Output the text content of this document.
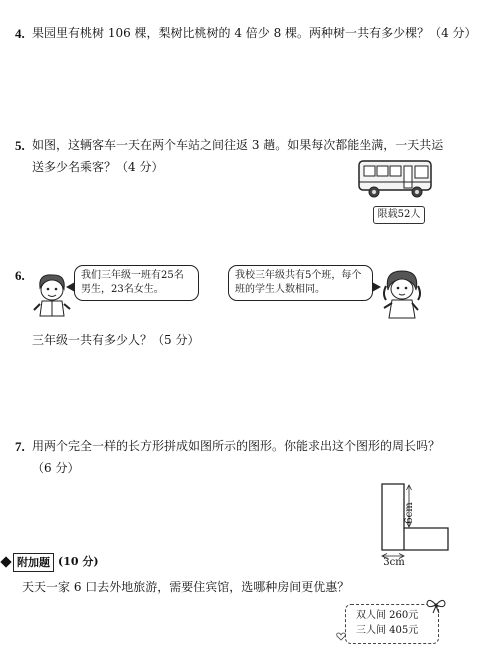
4. 果园里有桃树 106 棵，梨树比桃树的 4 倍少 8 棵。两种树一共有多少棵？（4 分）
5. 如图，这辆客车一天在两个车站之间往返 3 趟。如果每次都能坐满，一天共运
送多少名乘客？（4 分）
限载52人
6.	我们三年级一班有25名男生，23名女生。
我校三年级共有5个班，每个班的学生人数相同。
三年级一共有多少人？（5 分）
7. 用两个完全一样的长方形拼成如图所示的图形。你能求出这个图形的周长吗？
（6 分）
6cm
3cm
附加题 (10 分)
天天一家 6 口去外地旅游，需要住宾馆，选哪种房间更优惠？
双人间 260元
三人间 405元
